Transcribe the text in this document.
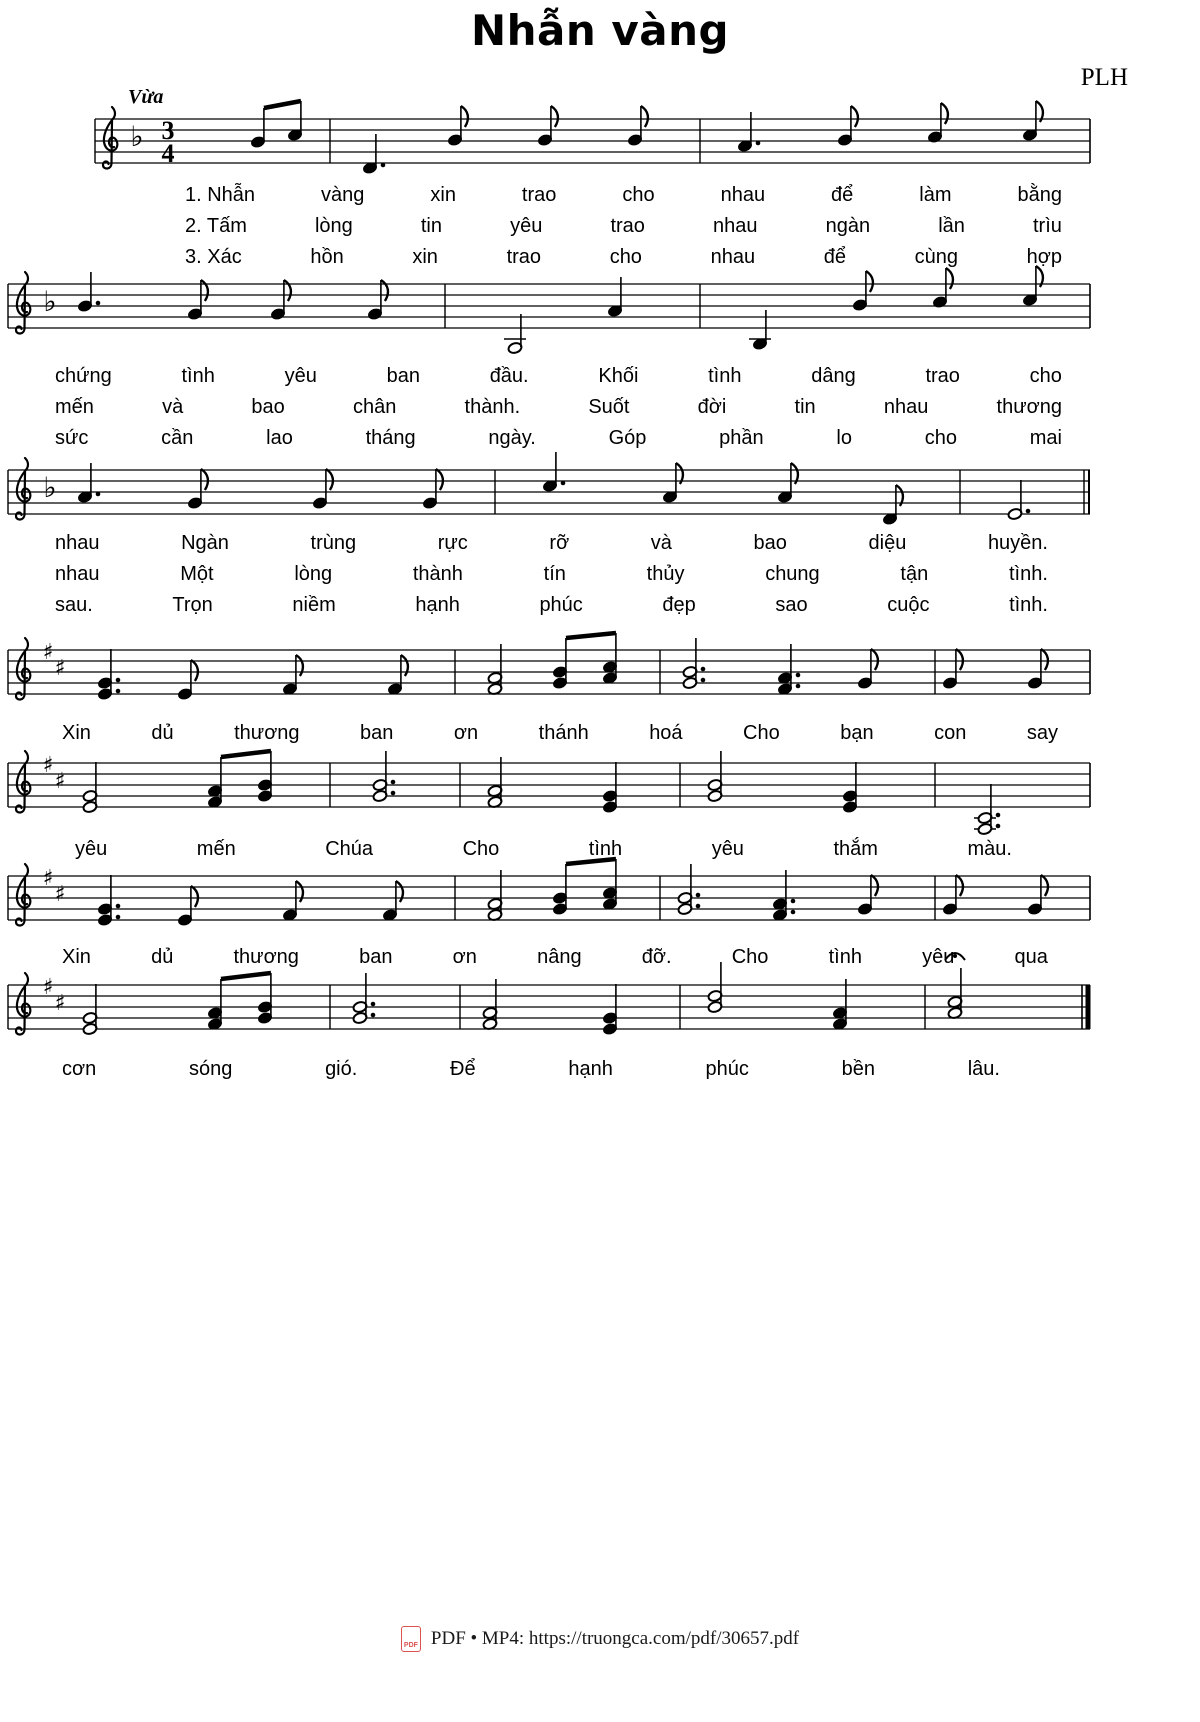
Nhẫn vàng
PLH
Vừa
♭ 3
4
♭
♭
♯
♯
♯
♯
♯
♯
♯
♯
1. Nhẫn	vàng	xin	trao	cho	nhau	để	làm	bằng
2. Tấm	lòng	tin	yêu	trao	nhau	ngàn	lần	trìu
3. Xác	hồn	xin	trao	cho	nhau	để	cùng	hợp
chứng	tình	yêu	ban	đầu.	Khối	tình	dâng	trao	cho
mến	và	bao	chân	thành.	Suốt	đời	tin	nhau	thương
sức	cần	lao	tháng	ngày.	Góp	phần	lo	cho	mai
nhau	Ngàn	trùng	rực	rỡ	và	bao	diệu	huyền.
nhau	Một	lòng	thành	tín	thủy	chung	tận	tình.
sau.	Trọn	niềm	hạnh	phúc	đẹp	sao	cuộc	tình.
Xin	dủ	thương	ban	ơn	thánh	hoá	Cho	bạn	con	say
yêu	mến	Chúa	Cho	tình	yêu	thắm	màu.
Xin	dủ	thương	ban	ơn	nâng	đỡ.	Cho	tình	yêu	qua
cơn	sóng	gió.	Để	hạnh	phúc	bền	lâu.
PDF PDF • MP4: https://truongca.com/pdf/30657.pdf
